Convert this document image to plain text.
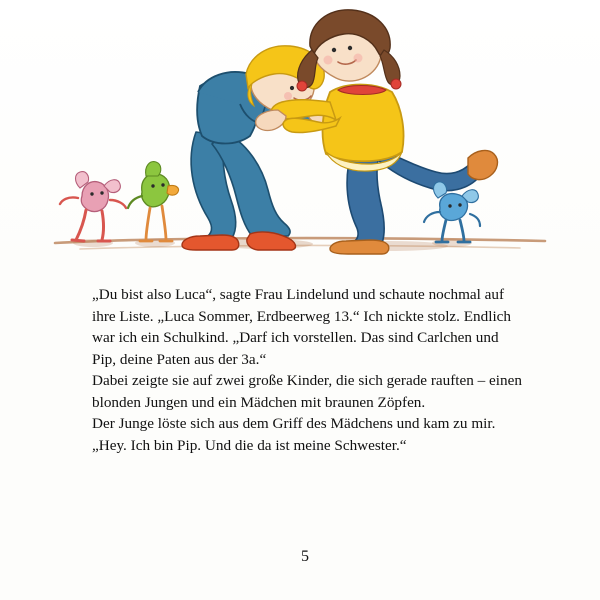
„Du bist also Luca“, sagte Frau Lindelund und schaute nochmal auf ihre Liste. „Luca Sommer, Erdbeerweg 13.“ Ich nickte stolz. Endlich war ich ein Schulkind. „Darf ich vorstellen. Das sind Carlchen und Pip, deine Paten aus der 3a.“

Dabei zeigte sie auf zwei große Kinder, die sich gerade rauften – einen blonden Jungen und ein Mädchen mit braunen Zöpfen.

Der Junge löste sich aus dem Griff des Mädchens und kam zu mir.

„Hey. Ich bin Pip. Und die da ist meine Schwester.“

5
